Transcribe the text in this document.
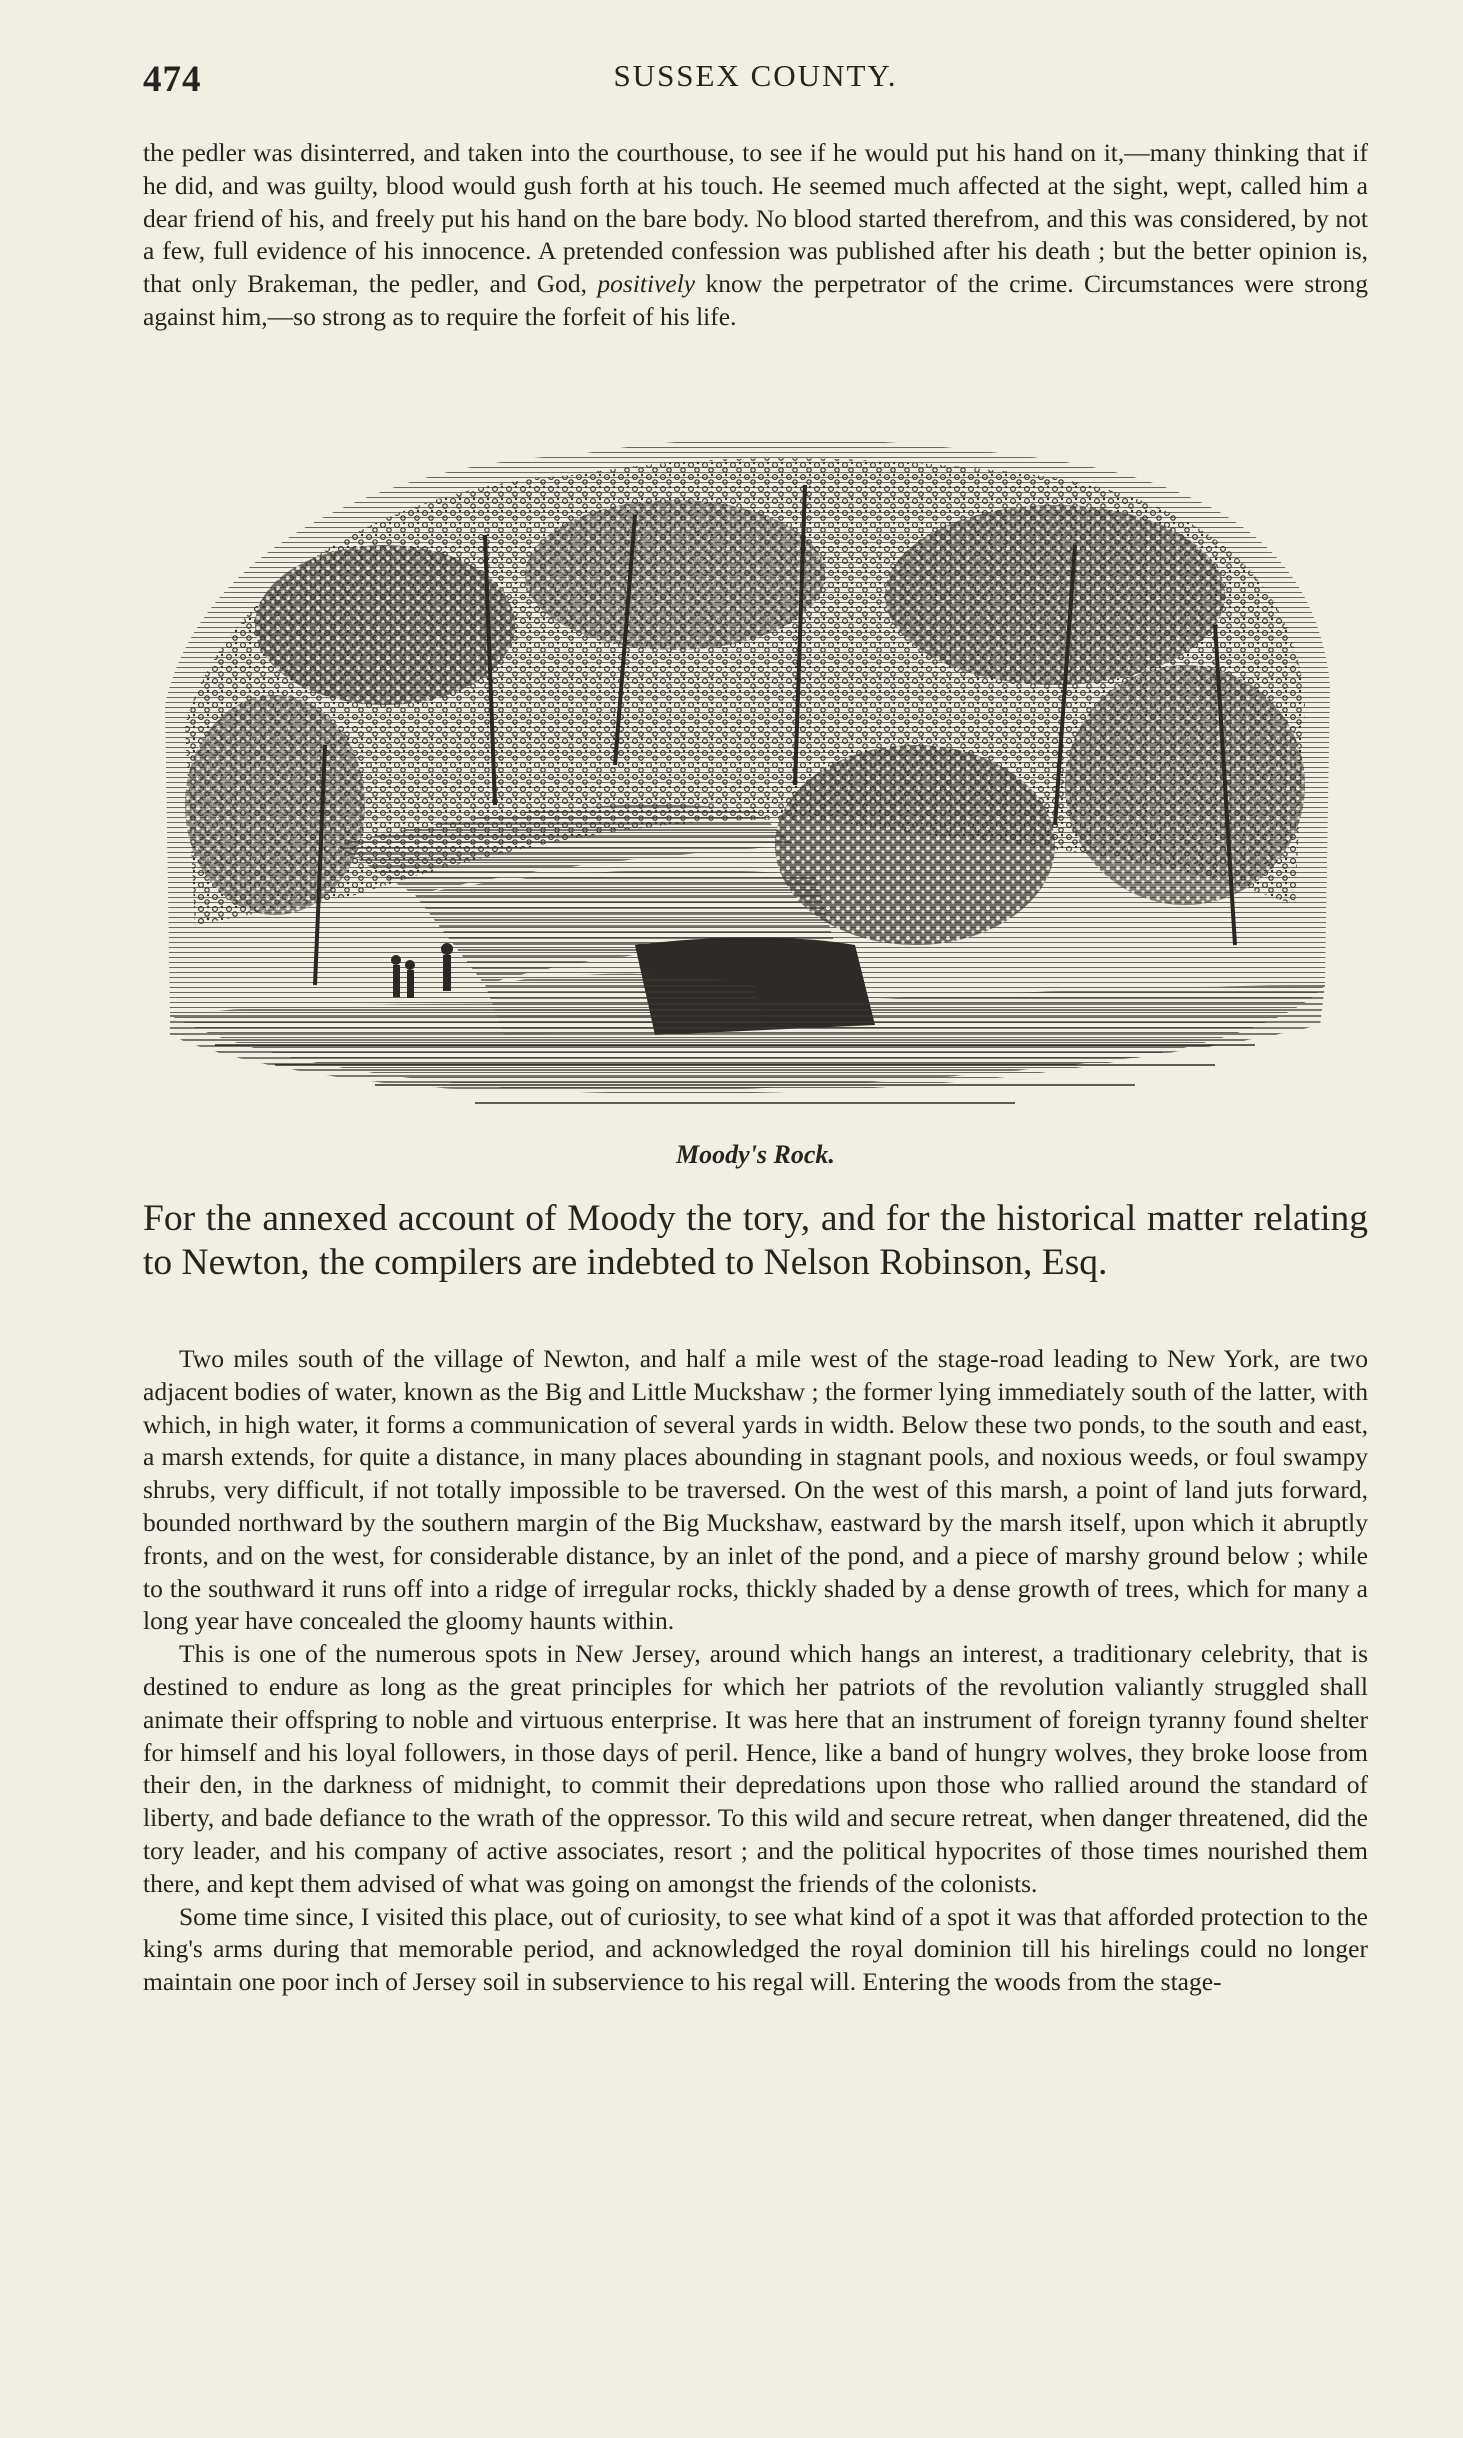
474	SUSSEX COUNTY.

the pedler was disinterred, and taken into the courthouse, to see if he would put his hand on it,—many thinking that if he did, and was guilty, blood would gush forth at his touch. He seemed much affected at the sight, wept, called him a dear friend of his, and freely put his hand on the bare body. No blood started therefrom, and this was considered, by not a few, full evidence of his innocence. A pretended confession was published after his death ; but the better opinion is, that only Brakeman, the pedler, and God, positively know the perpetrator of the crime. Circumstances were strong against him,—so strong as to require the forfeit of his life.

Moody's Rock.
For the annexed account of Moody the tory, and for the historical matter relating to Newton, the compilers are indebted to Nelson Robinson, Esq.

Two miles south of the village of Newton, and half a mile west of the stage-road leading to New York, are two adjacent bodies of water, known as the Big and Little Muckshaw ; the former lying immediately south of the latter, with which, in high water, it forms a communication of several yards in width. Below these two ponds, to the south and east, a marsh extends, for quite a distance, in many places abounding in stagnant pools, and noxious weeds, or foul swampy shrubs, very difficult, if not totally impossible to be traversed. On the west of this marsh, a point of land juts forward, bounded northward by the southern margin of the Big Muckshaw, eastward by the marsh itself, upon which it abruptly fronts, and on the west, for considerable distance, by an inlet of the pond, and a piece of marshy ground below ; while to the southward it runs off into a ridge of irregular rocks, thickly shaded by a dense growth of trees, which for many a long year have concealed the gloomy haunts within.

This is one of the numerous spots in New Jersey, around which hangs an interest, a traditionary celebrity, that is destined to endure as long as the great principles for which her patriots of the revolution valiantly struggled shall animate their offspring to noble and virtuous enterprise. It was here that an instrument of foreign tyranny found shelter for himself and his loyal followers, in those days of peril. Hence, like a band of hungry wolves, they broke loose from their den, in the darkness of midnight, to commit their depredations upon those who rallied around the standard of liberty, and bade defiance to the wrath of the oppressor. To this wild and secure retreat, when danger threatened, did the tory leader, and his company of active associates, resort ; and the political hypocrites of those times nourished them there, and kept them advised of what was going on amongst the friends of the colonists.

Some time since, I visited this place, out of curiosity, to see what kind of a spot it was that afforded protection to the king's arms during that memorable period, and acknowledged the royal dominion till his hirelings could no longer maintain one poor inch of Jersey soil in subservience to his regal will. Entering the woods from the stage-
